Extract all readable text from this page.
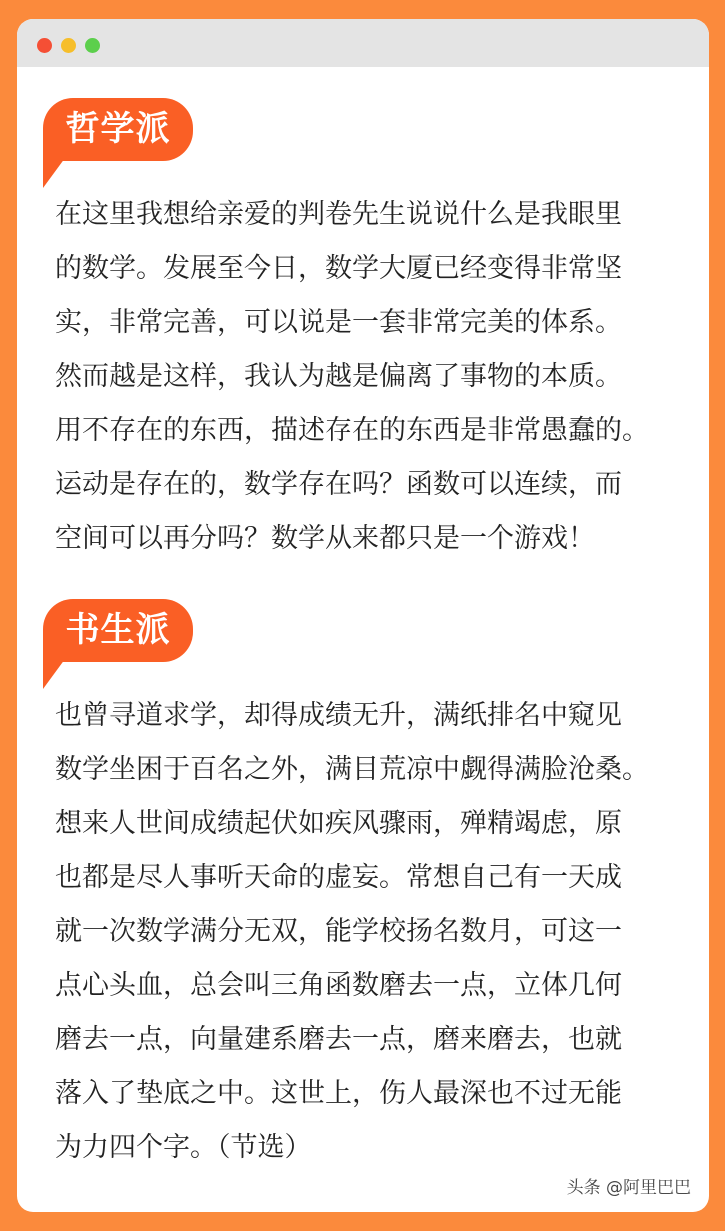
哲学派

在这里我想给亲爱的判卷先生说说什么是我眼里
的数学。发展至今日，数学大厦已经变得非常坚
实，非常完善，可以说是一套非常完美的体系。
然而越是这样，我认为越是偏离了事物的本质。
用不存在的东西，描述存在的东西是非常愚蠢的。
运动是存在的，数学存在吗？函数可以连续，而
空间可以再分吗？数学从来都只是一个游戏！

书生派

也曾寻道求学，却得成绩无升，满纸排名中窥见
数学坐困于百名之外，满目荒凉中觑得满脸沧桑。
想来人世间成绩起伏如疾风骤雨，殚精竭虑，原
也都是尽人事听天命的虚妄。常想自己有一天成
就一次数学满分无双，能学校扬名数月，可这一
点心头血，总会叫三角函数磨去一点，立体几何
磨去一点，向量建系磨去一点，磨来磨去，也就
落入了垫底之中。这世上，伤人最深也不过无能
为力四个字。（节选）

头条 @阿里巴巴
